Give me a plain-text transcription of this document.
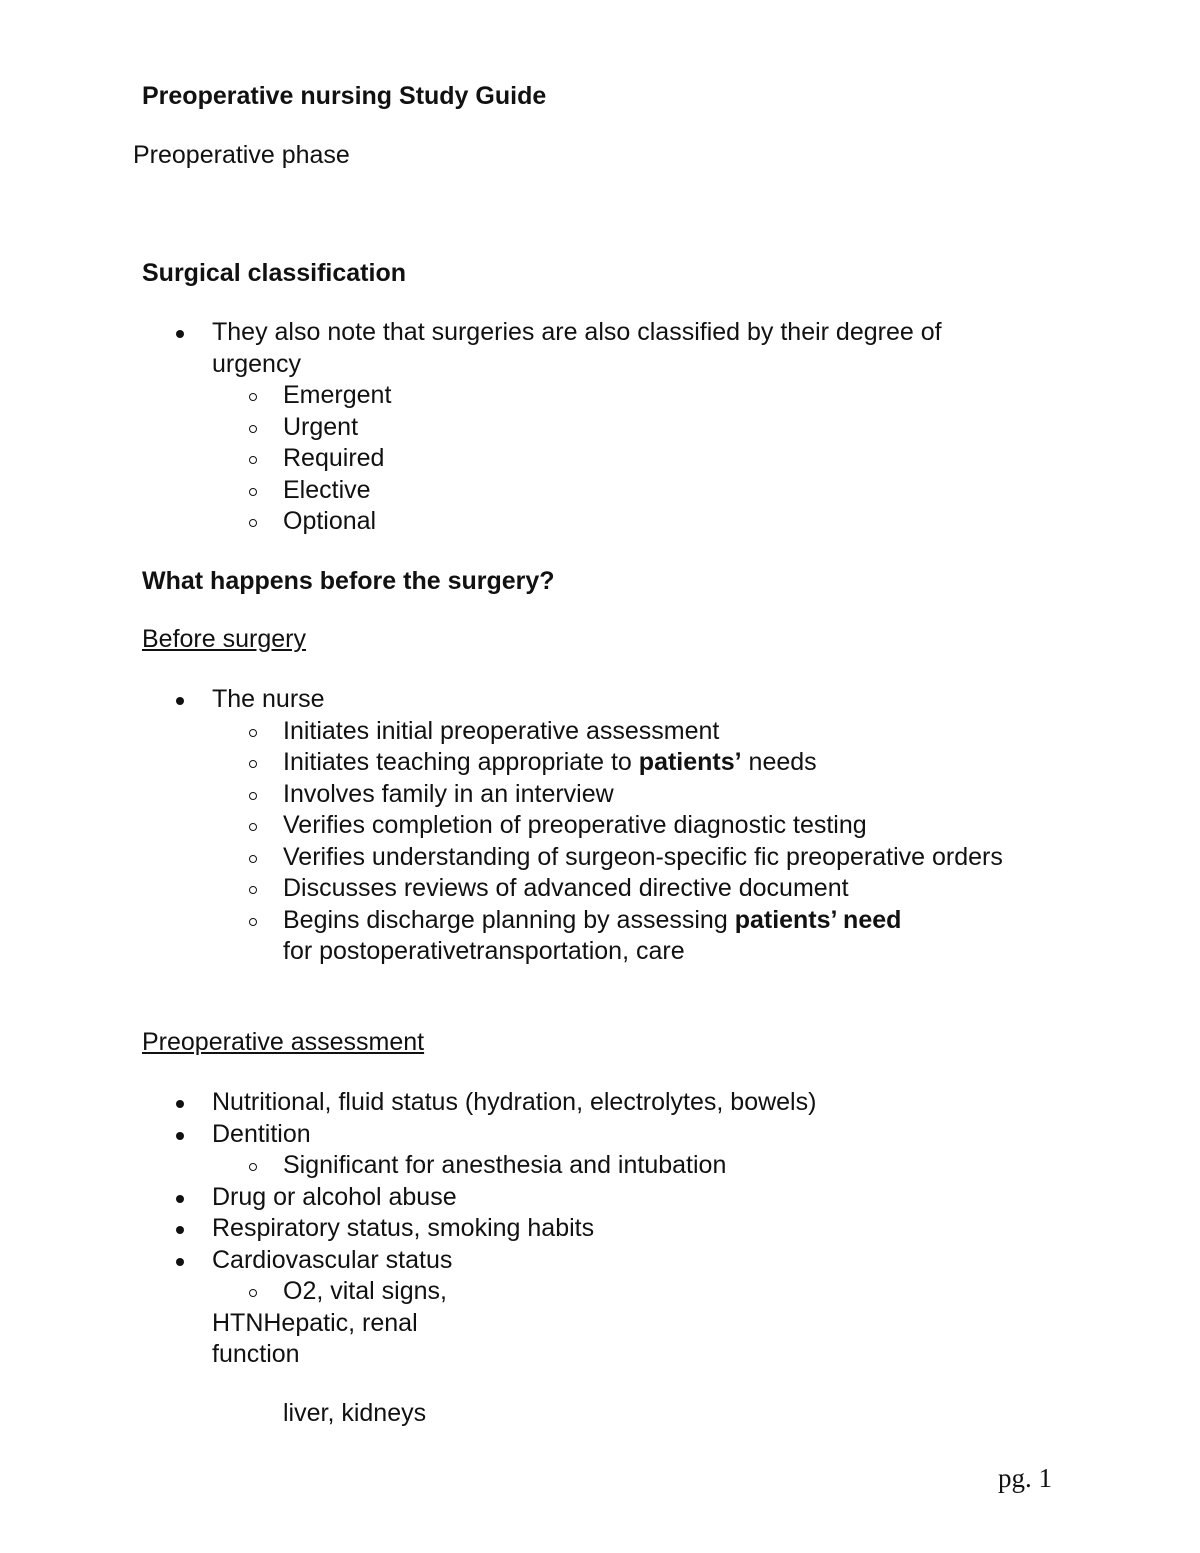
Preoperative nursing Study Guide

Preoperative phase

Surgical classification
They also note that surgeries are also classified by their degree of urgency
Emergent
Urgent
Required
Elective
Optional
What happens before the surgery?
Before surgery
The nurse
Initiates initial preoperative assessment
Initiates teaching appropriate to patients’ needs
Involves family in an interview
Verifies completion of preoperative diagnostic testing
Verifies understanding of surgeon-specific fic preoperative orders
Discusses reviews of advanced directive document
Begins discharge planning by assessing patients’ need
for postoperativetransportation, care
Preoperative assessment
Nutritional, fluid status (hydration, electrolytes, bowels)
Dentition
Significant for anesthesia and intubation
Drug or alcohol abuse
Respiratory status, smoking habits
Cardiovascular status
O2, vital signs,
HTNHepatic, renal
function
liver, kidneys
pg. 1
